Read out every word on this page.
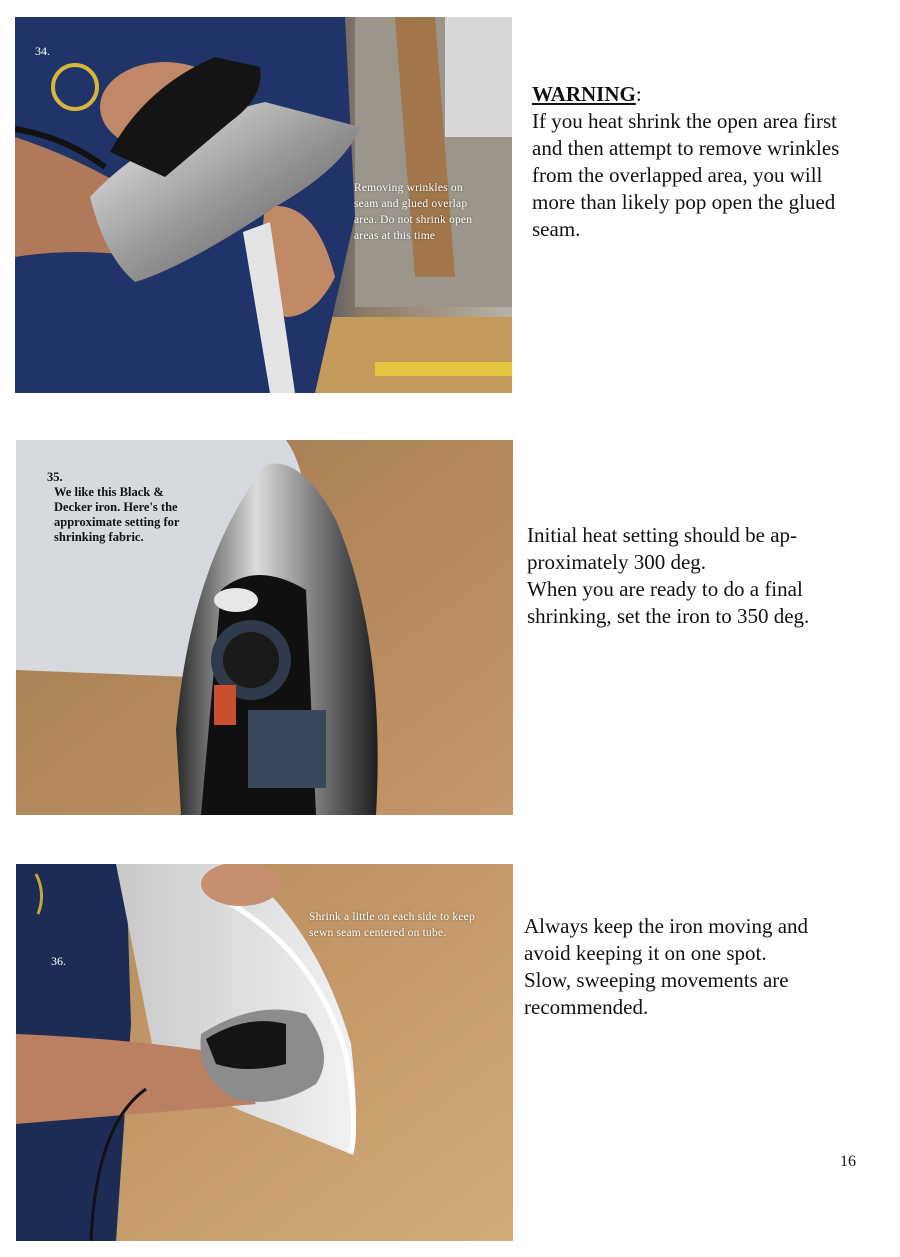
34.
Removing wrinkles on seam and glued overlap area. Do not shrink open areas at this time

WARNING:

If you heat shrink the open area first and then attempt to remove wrinkles from the overlapped area, you will more than likely pop open the glued seam.

35.
We like this Black & Decker iron. Here's the approximate setting for shrinking fabric.	Initial heat setting should be ap-proximately 300 deg.

When you are ready to do a final shrinking, set the iron to 350 deg.

36.
Shrink a little on each side to keep sewn seam centered on tube.	Always keep the iron moving and avoid keeping it on one spot.

Slow, sweeping movements are recommended.

16
